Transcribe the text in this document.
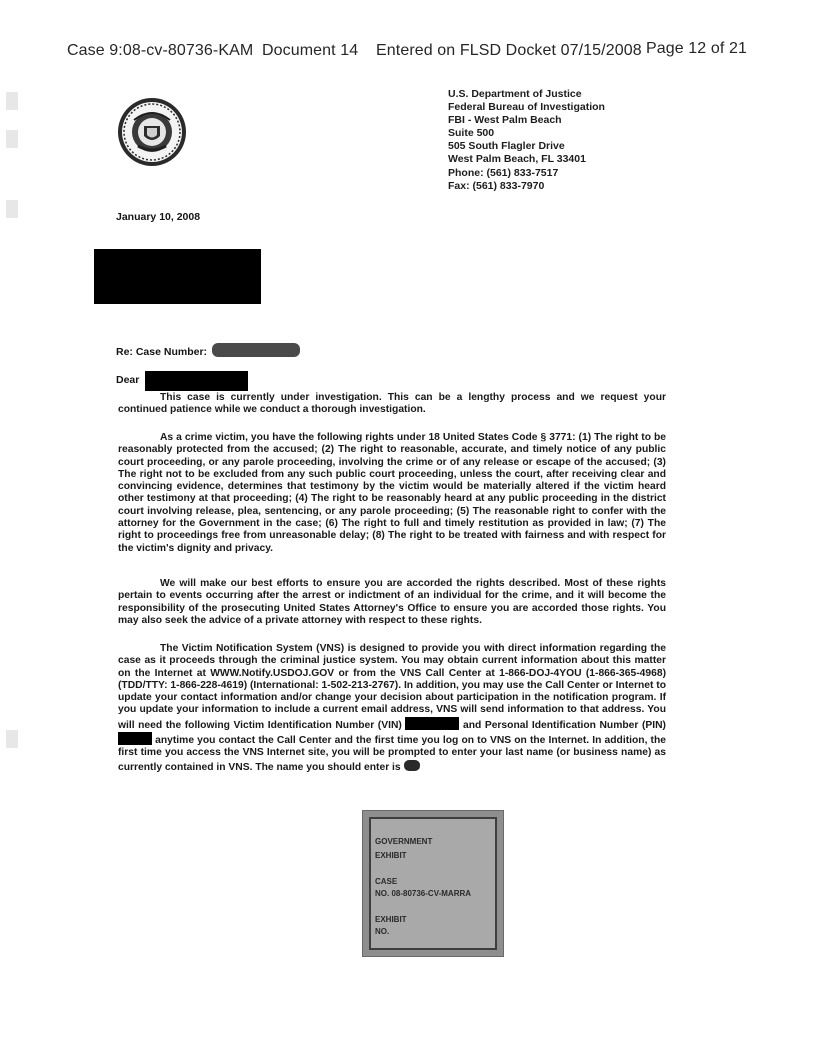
Case 9:08-cv-80736-KAM Document 14 Entered on FLSD Docket 07/15/2008 Page 12 of 21
U.S. Department of Justice
Federal Bureau of Investigation
FBI - West Palm Beach
Suite 500
505 South Flagler Drive
West Palm Beach, FL 33401
Phone: (561) 833-7517
Fax: (561) 833-7970
January 10, 2008
Re: Case Number:
Dear

This case is currently under investigation. This can be a lengthy process and we request your continued patience while we conduct a thorough investigation.

As a crime victim, you have the following rights under 18 United States Code § 3771: (1) The right to be reasonably protected from the accused; (2) The right to reasonable, accurate, and timely notice of any public court proceeding, or any parole proceeding, involving the crime or of any release or escape of the accused; (3) The right not to be excluded from any such public court proceeding, unless the court, after receiving clear and convincing evidence, determines that testimony by the victim would be materially altered if the victim heard other testimony at that proceeding; (4) The right to be reasonably heard at any public proceeding in the district court involving release, plea, sentencing, or any parole proceeding; (5) The reasonable right to confer with the attorney for the Government in the case; (6) The right to full and timely restitution as provided in law; (7) The right to proceedings free from unreasonable delay; (8) The right to be treated with fairness and with respect for the victim's dignity and privacy.

We will make our best efforts to ensure you are accorded the rights described. Most of these rights pertain to events occurring after the arrest or indictment of an individual for the crime, and it will become the responsibility of the prosecuting United States Attorney's Office to ensure you are accorded those rights. You may also seek the advice of a private attorney with respect to these rights.

The Victim Notification System (VNS) is designed to provide you with direct information regarding the case as it proceeds through the criminal justice system. You may obtain current information about this matter on the Internet at WWW.Notify.USDOJ.GOV or from the VNS Call Center at 1-866-DOJ-4YOU (1-866-365-4968) (TDD/TTY: 1-866-228-4619) (International: 1-502-213-2767). In addition, you may use the Call Center or Internet to update your contact information and/or change your decision about participation in the notification program. If you update your information to include a current email address, VNS will send information to that address. You will need the following Victim Identification Number (VIN)	and Personal Identification Number (PIN)  anytime you contact the Call Center and the first time you log on to VNS on the Internet. In addition, the first time you access the VNS Internet site, you will be prompted to enter your last name (or business name) as currently contained in VNS. The name you should enter is

GOVERNMENT
EXHIBIT
CASE
NO. 08-80736-CV-MARRA
EXHIBIT
NO.
